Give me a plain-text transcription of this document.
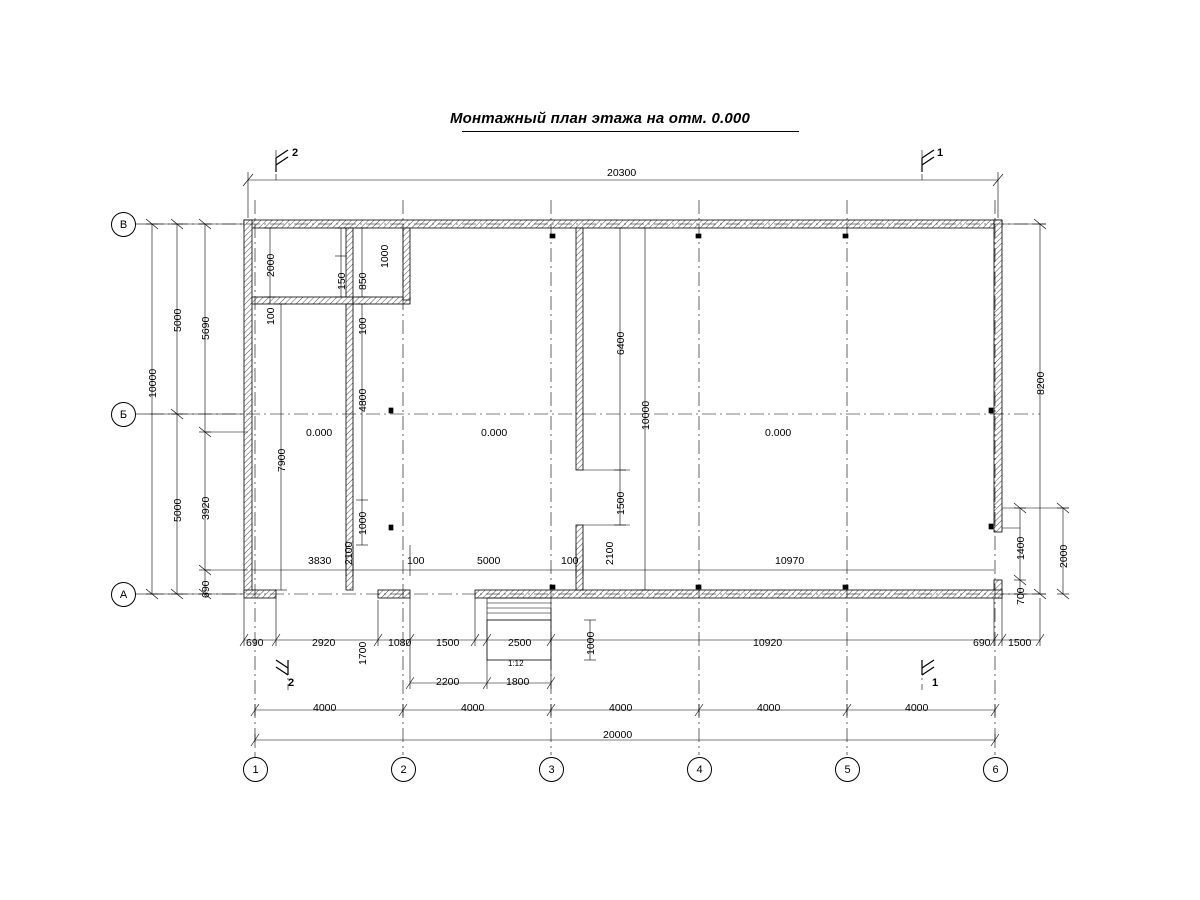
Монтажный план этажа на отм. 0.000
0.000	0.000	0.000
В
Б
А
1	2	3	4	5	6
2	1
2	1
20300
10000
5000
5000
5690
3920
690
8200
1400
700
2000
2000
100
7900
150 850
1000
100
4800
1000
6400
10000
1500
1000
3830 2100	100	5000	100 2100	10970
690	2920 1700 1080 1500	2500	10920	690 1500
1:12
2200	1800
4000	4000	4000	4000	4000
20000
